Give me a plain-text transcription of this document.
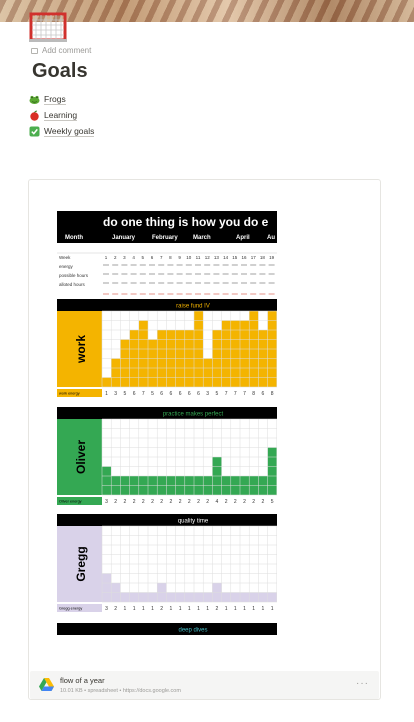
Add comment
Goals
Frogs
Learning
Weekly goals
do one thing is how you do e
Month	January	February	March	April	Au
Week	1 2 3 4 5 6 7 8 9 10 11 12 13 14 15 16 17 18 19
energy
possible hours
alloted hours
raise fund IV
work
work energy	1 3 5 6 7 5 6 6 6 6 6 3 5 7 7 7 8 6 8
practice makes perfect
Oliver
Oliver energy	3 2 2 2 2 2 2 2 2 2 2 2 4 2 2 2 2 2 5
quality time
Gregg
Gregg energy	3 2 1 1 1 1 2 1 1 1 1 1 2 1 1 1 1 1 1
deep dives
flow of a year
10.01 KB • spreadsheet • https://docs.google.com
···
